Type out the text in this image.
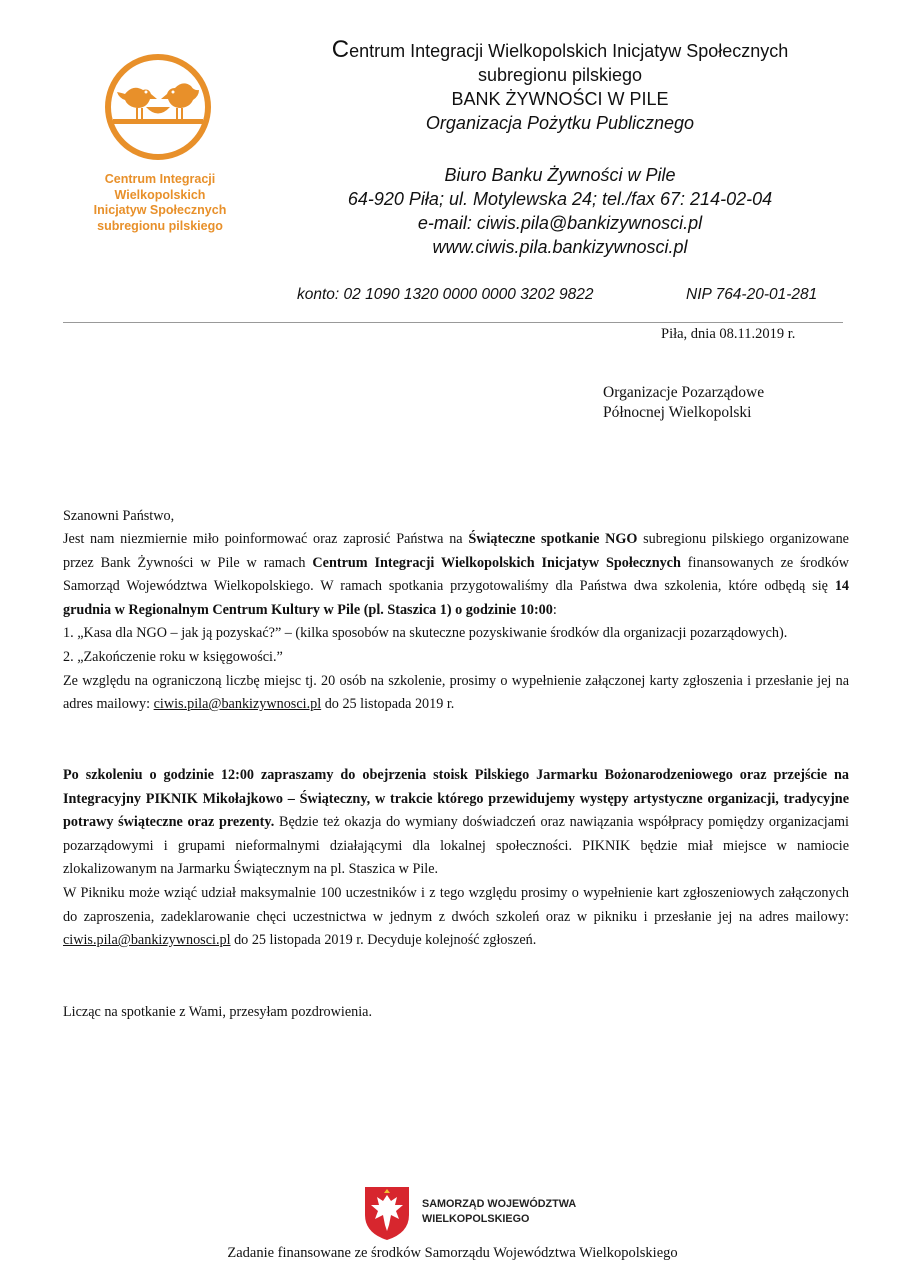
Centrum Integracji Wielkopolskich
Inicjatyw Społecznych
subregionu pilskiego
Centrum Integracji Wielkopolskich Inicjatyw Społecznych
subregionu pilskiego
BANK ŻYWNOŚCI W PILE
Organizacja Pożytku Publicznego
Biuro Banku Żywności w Pile
64-920 Piła; ul. Motylewska 24; tel./fax 67: 214-02-04
e-mail: ciwis.pila@bankizywnosci.pl
www.ciwis.pila.bankizywnosci.pl
konto: 02 1090 1320 0000 0000 3202 9822	NIP 764-20-01-281
Piła, dnia 08.11.2019 r.
Organizacje Pozarządowe
Północnej Wielkopolski
Szanowni Państwo,
Jest nam niezmiernie miło poinformować oraz zaprosić Państwa na Świąteczne spotkanie NGO subregionu pilskiego organizowane przez Bank Żywności w Pile w ramach Centrum Integracji Wielkopolskich Inicjatyw Społecznych finansowanych ze środków Samorząd Województwa Wielkopolskiego. W ramach spotkania przygotowaliśmy dla Państwa dwa szkolenia, które odbędą się 14 grudnia w Regionalnym Centrum Kultury w Pile (pl. Staszica 1) o godzinie 10:00:
1. „Kasa dla NGO – jak ją pozyskać?” – (kilka sposobów na skuteczne pozyskiwanie środków dla organizacji pozarządowych).
2. „Zakończenie roku w księgowości.”
Ze względu na ograniczoną liczbę miejsc tj. 20 osób na szkolenie, prosimy o wypełnienie załączonej karty zgłoszenia i przesłanie jej na adres mailowy: ciwis.pila@bankizywnosci.pl do 25 listopada 2019 r.
Po szkoleniu o godzinie 12:00 zapraszamy do obejrzenia stoisk Pilskiego Jarmarku Bożonarodzeniowego oraz przejście na Integracyjny PIKNIK Mikołajkowo – Świąteczny, w trakcie którego przewidujemy występy artystyczne organizacji, tradycyjne potrawy świąteczne oraz prezenty. Będzie też okazja do wymiany doświadczeń oraz nawiązania współpracy pomiędzy organizacjami pozarządowymi i grupami nieformalnymi działającymi dla lokalnej społeczności. PIKNIK będzie miał miejsce w namiocie zlokalizowanym na Jarmarku Świątecznym na pl. Staszica w Pile.
W Pikniku może wziąć udział maksymalnie 100 uczestników i z tego względu prosimy o wypełnienie kart zgłoszeniowych załączonych do zaproszenia, zadeklarowanie chęci uczestnictwa w jednym z dwóch szkoleń oraz w pikniku i przesłanie jej na adres mailowy: ciwis.pila@bankizywnosci.pl do 25 listopada 2019 r. Decyduje kolejność zgłoszeń.
Licząc na spotkanie z Wami, przesyłam pozdrowienia.
SAMORZĄD WOJEWÓDZTWA
WIELKOPOLSKIEGO
Zadanie finansowane ze środków Samorządu Województwa Wielkopolskiego
